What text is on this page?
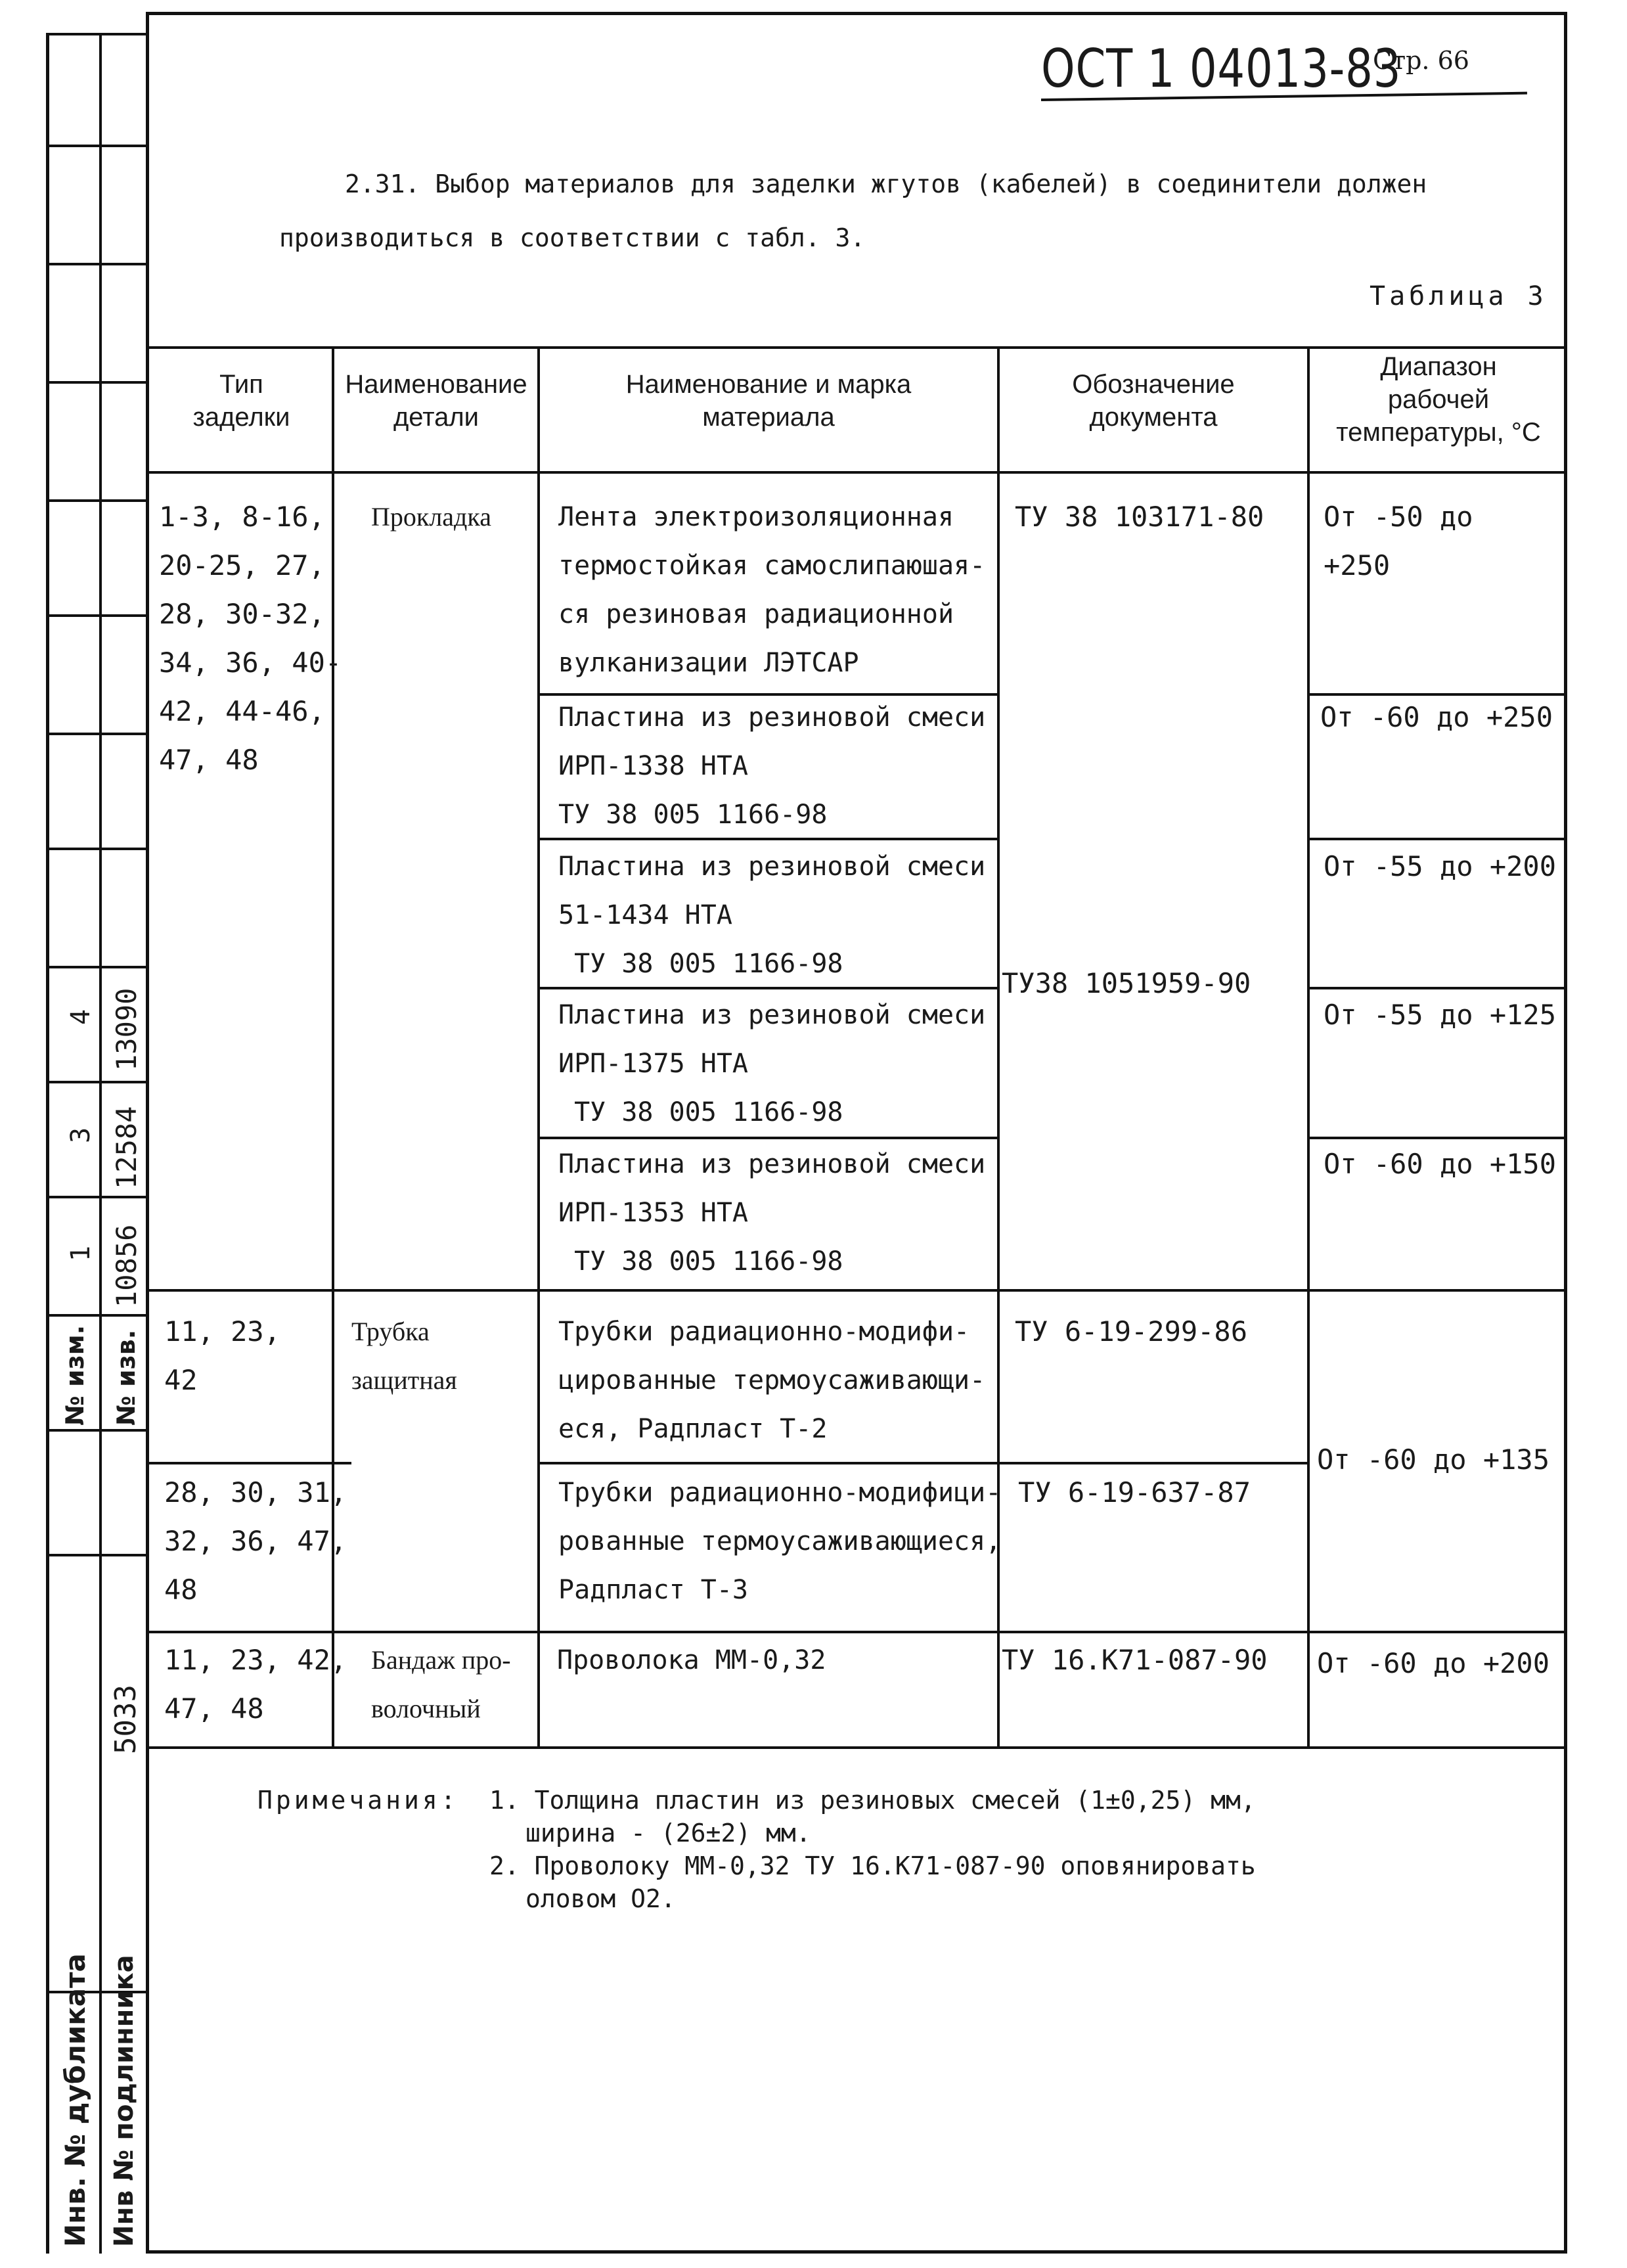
4
3
1
13090
12584
10856
№ изм. № изв.
5033
Инв. № дубликата Инв № подлинника
ОСТ 1 04013-83
Стр. 66
2.31. Выбор материалов для заделки жгутов (кабелей) в соединители должен
производиться в соответствии с табл. 3.
Таблица 3
Тип
заделки
Наименование
детали
Наименование и марка
материала
Обозначение
документа
Диапазон
рабочей
температуры, °С
1-3, 8-16,
20-25, 27,
28, 30-32,
34, 36, 40-
42, 44-46,
47, 48
Прокладка	Лента электроизоляционная
термостойкая самослипаюшая-
ся резиновая радиационной
вулканизации ЛЭТСАР
ТУ 38 103171-80 От -50 до
+250
Пластина из резиновой смеси
ИРП-1338 НТА
ТУ 38 005 1166-98
От -60 до +250
Пластина из резиновой смеси
51-1434 НТА
ТУ 38 005 1166-98
От -55 до +200
ТУ38 1051959-90
Пластина из резиновой смеси
ИРП-1375 НТА
ТУ 38 005 1166-98
От -55 до +125
Пластина из резиновой смеси
ИРП-1353 НТА
ТУ 38 005 1166-98
От -60 до +150
11, 23,
42
Трубка
защитная
Трубки радиационно-модифи-
цированные термоусаживающи-
еся, Радпласт Т-2
ТУ 6-19-299-86
28, 30, 31,
32, 36, 47,
48
Трубки радиационно-модифици-
рованные термоусаживающиеся,
Радпласт Т-3
ТУ 6-19-637-87
От -60 до +135
11, 23, 42,
47, 48
Бандаж про-
волочный
Проволока ММ-0,32	ТУ 16.К71-087-90 От -60 до +200
Примечания: 1. Толщина пластин из резиновых смесей (1±0,25) мм,
ширина - (26±2) мм.
2. Проволоку ММ-0,32 ТУ 16.К71-087-90 оповянировать
оловом О2.
